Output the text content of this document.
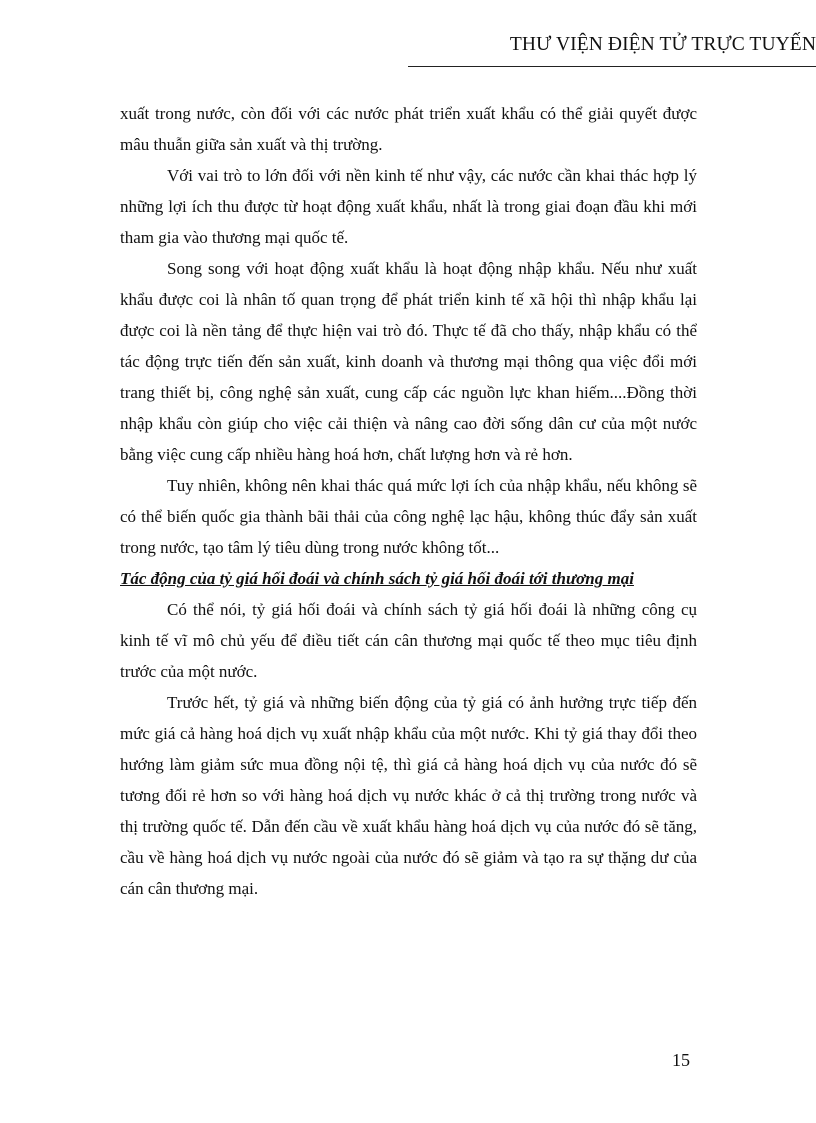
THƯ VIỆN ĐIỆN TỬ TRỰC TUYẾN

xuất trong nước, còn đối với các nước phát triển xuất khẩu có thể giải quyết được mâu thuẫn giữa sản xuất và thị trường.

Với vai trò to lớn đối với nền kinh tế như vậy, các nước cần khai thác hợp lý những lợi ích thu được từ hoạt động xuất khẩu, nhất là trong giai đoạn đầu khi mới tham gia vào thương mại quốc tế.

Song song với hoạt động xuất khẩu là hoạt động nhập khẩu. Nếu như xuất khẩu được coi là nhân tố quan trọng để phát triển kinh tế xã hội thì nhập khẩu lại được coi là nền tảng để thực hiện vai trò đó. Thực tế đã cho thấy, nhập khẩu có thể tác động trực tiến đến sản xuất, kinh doanh và thương mại thông qua việc đổi mới trang thiết bị, công nghệ sản xuất, cung cấp các nguồn lực khan hiếm....Đồng thời nhập khẩu còn giúp cho việc cải thiện và nâng cao đời sống dân cư của một nước bằng việc cung cấp nhiều hàng hoá hơn, chất lượng hơn và rẻ hơn.

Tuy nhiên, không nên khai thác quá mức lợi ích của nhập khẩu, nếu không sẽ có thể biến quốc gia thành bãi thải của công nghệ lạc hậu, không thúc đẩy sản xuất trong nước, tạo tâm lý tiêu dùng trong nước không tốt...

Tác động của tỷ giá hối đoái và chính sách tỷ giá hối đoái tới thương mại

Có thể nói, tỷ giá hối đoái và chính sách tỷ giá hối đoái là những công cụ kinh tế vĩ mô chủ yếu để điều tiết cán cân thương mại quốc tế theo mục tiêu định trước của một nước.

Trước hết, tỷ giá và những biến động của tỷ giá có ảnh hưởng trực tiếp đến mức giá cả hàng hoá dịch vụ xuất nhập khẩu của một nước. Khi tỷ giá thay đổi theo hướng làm giảm sức mua đồng nội tệ, thì giá cả hàng hoá dịch vụ của nước đó sẽ tương đối rẻ hơn so với hàng hoá dịch vụ nước khác ở cả thị trường trong nước và thị trường quốc tế. Dẫn đến cầu về xuất khẩu hàng hoá dịch vụ của nước đó sẽ tăng, cầu về hàng hoá dịch vụ nước ngoài của nước đó sẽ giảm và tạo ra sự thặng dư của cán cân thương mại.

15
